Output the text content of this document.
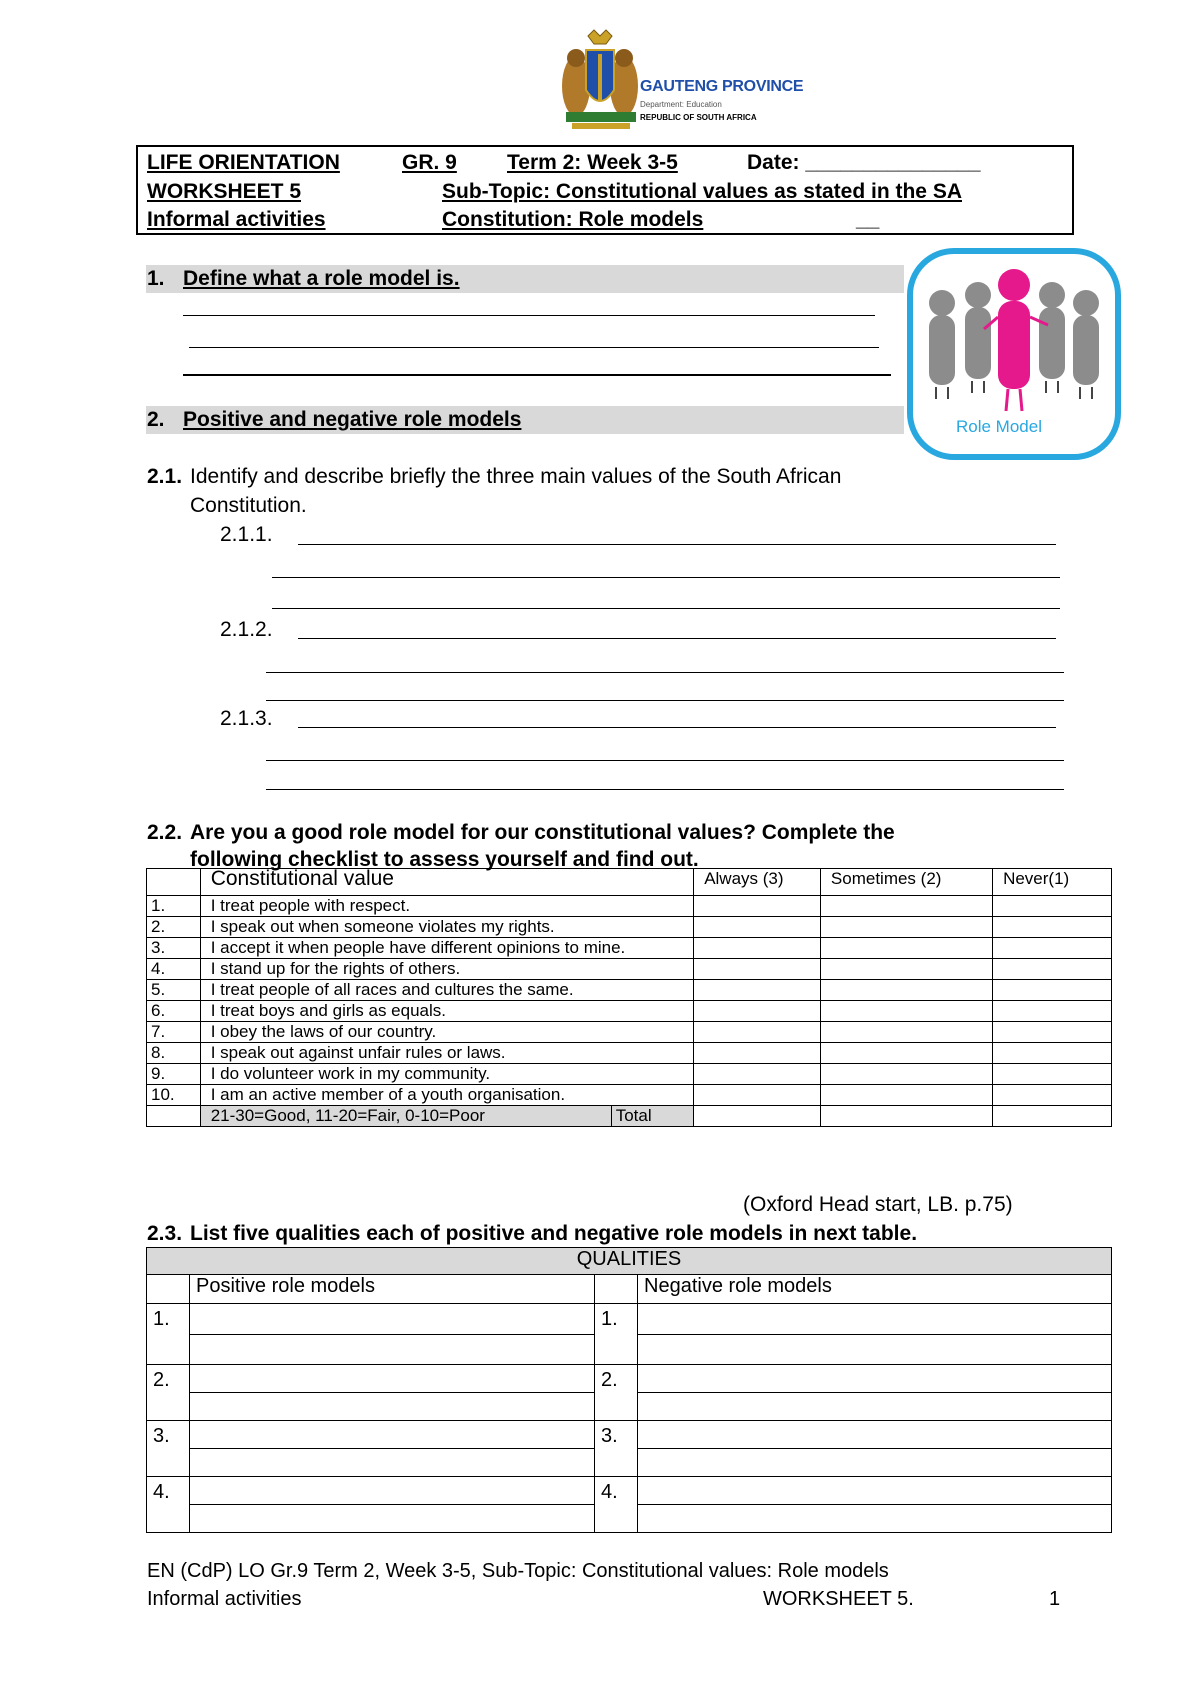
GAUTENG PROVINCE
Department: Education
REPUBLIC OF SOUTH AFRICA
LIFE ORIENTATION	GR. 9 Term 2: Week 3-5	Date: _______________
WORKSHEET 5	Sub-Topic: Constitutional values as stated in the SA
Informal activities	Constitution: Role models	__
1. Define what a role model is.
Role Model
2. Positive and negative role models
2.1. Identify and describe briefly the three main values of the South African
Constitution.
2.1.1.
2.1.2.
2.1.3.
2.2. Are you a good role model for our constitutional values? Complete the
following checklist to assess yourself and find out.
	Constitutional value	Always (3)	Sometimes (2)	Never(1)
1.	I treat people with respect.			
2.	I speak out when someone violates my rights.			
3.	I accept it when people have different opinions to mine.			
4.	I stand up for the rights of others.			
5.	I treat people of all races and cultures the same.			
6.	I treat boys and girls as equals.			
7.	I obey the laws of our country.			
8.	I speak out against unfair rules or laws.			
9.	I do volunteer work in my community.			
10.	I am an active member of a youth organisation.			

	21-30=Good, 11-20=Fair, 0-10=Poor Total			

(Oxford Head start, LB. p.75)
2.3. List five qualities each of positive and negative role models in next table.
QUALITIES			
	Positive role models		Negative role models
1.		1.	

2.		2.	

3.		3.	

4.		4.	

EN (CdP) LO Gr.9 Term 2, Week 3-5, Sub-Topic: Constitutional values: Role models
Informal activities	WORKSHEET 5.	1
